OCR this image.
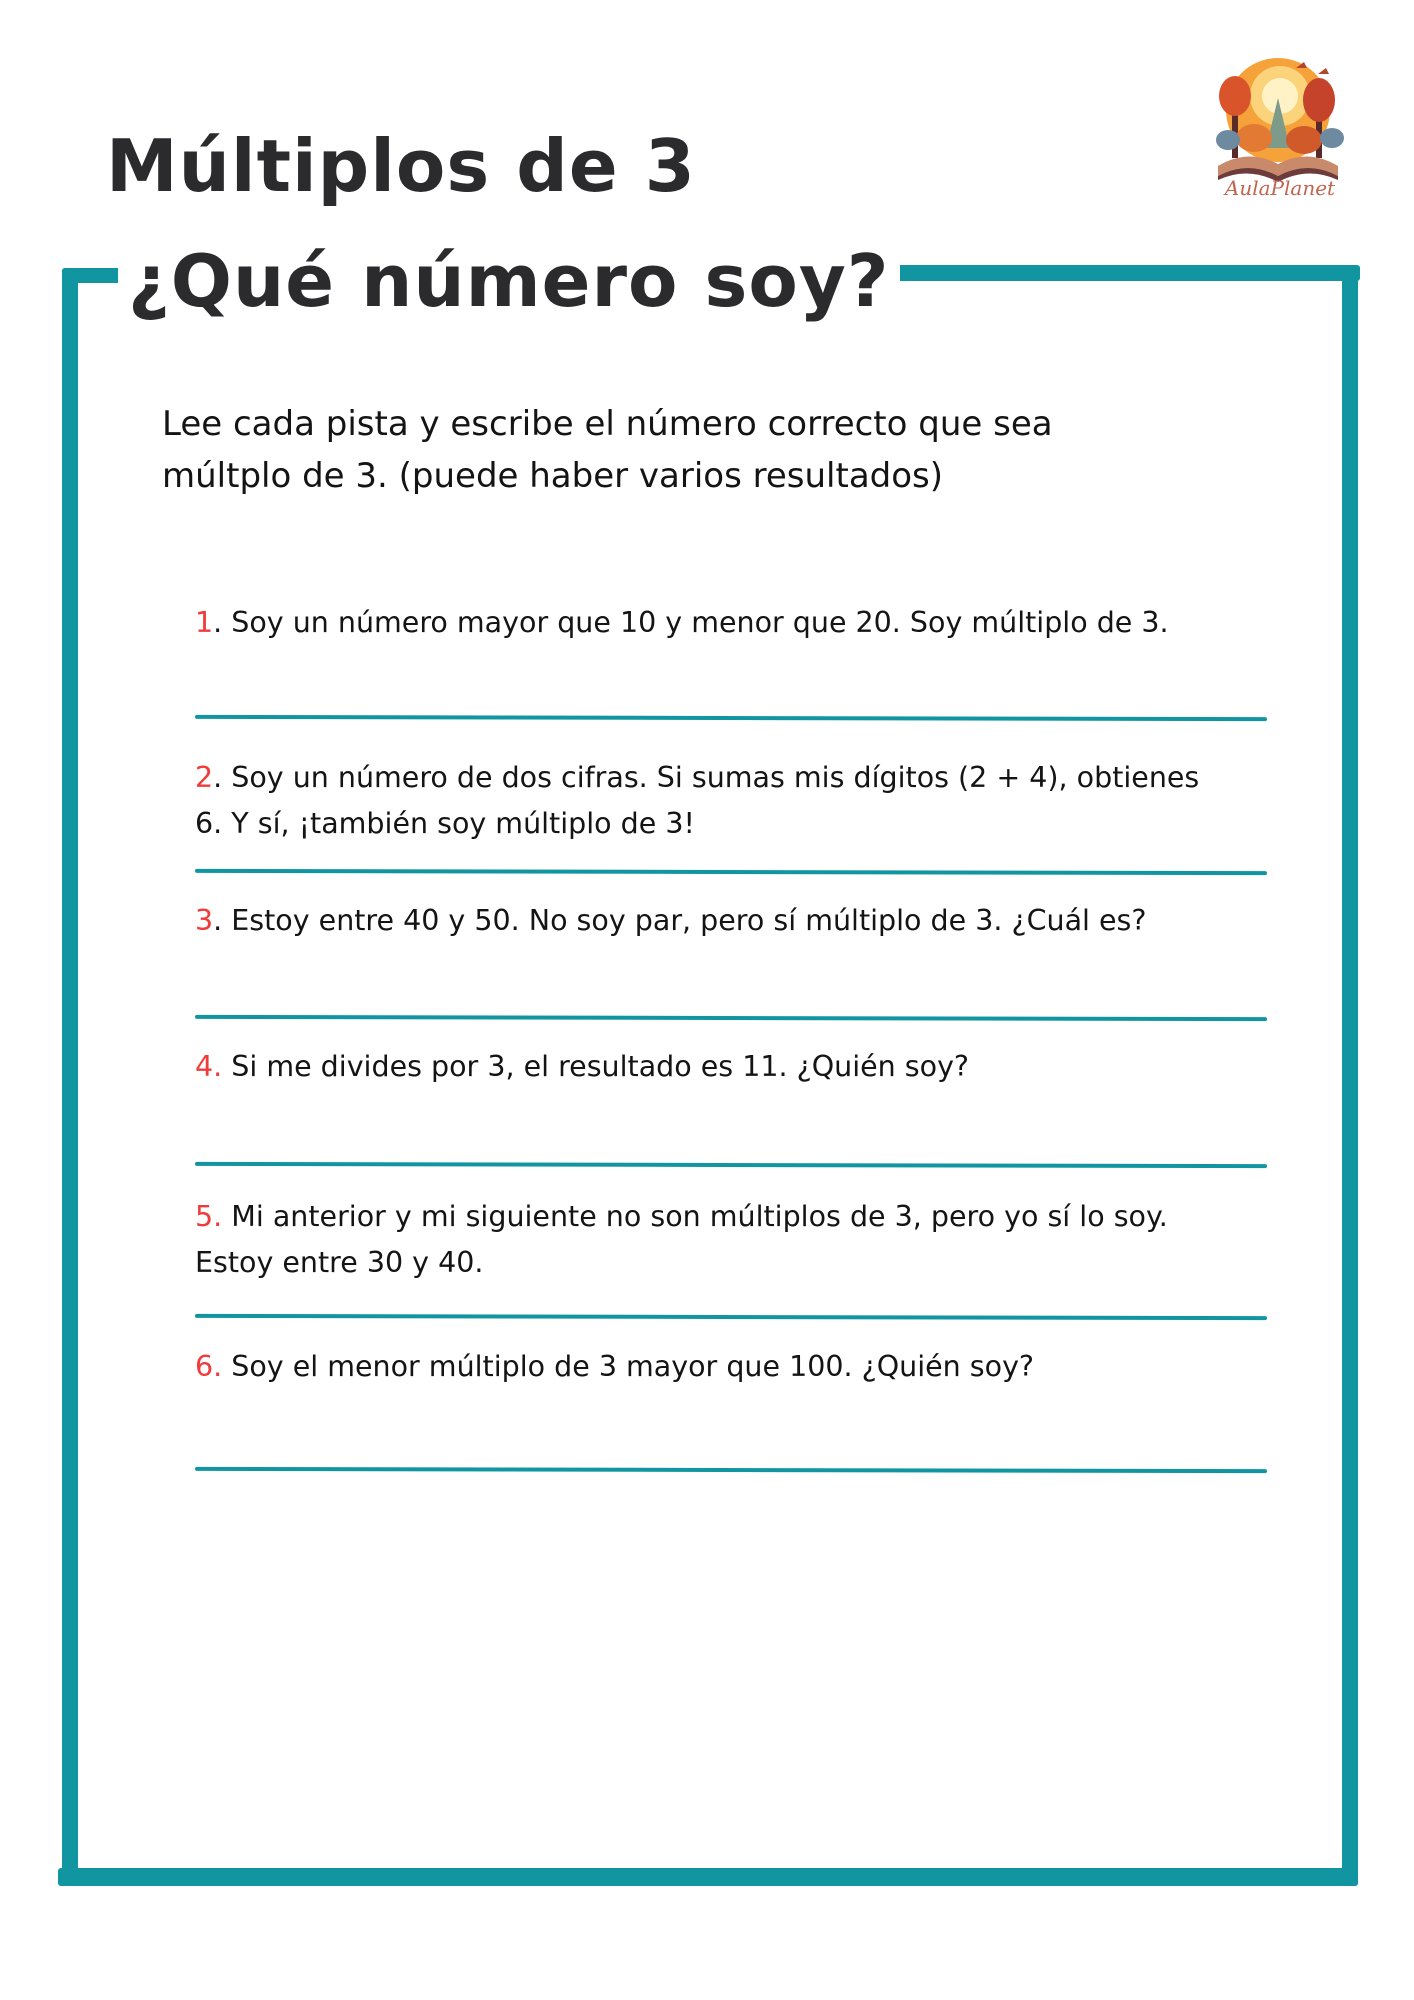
AulaPlanet
Múltiplos de 3
¿Qué número soy?
Lee cada pista y escribe el número correcto que sea
múltplo de 3. (puede haber varios resultados)
1. Soy un número mayor que 10 y menor que 20. Soy múltiplo de 3.
2. Soy un número de dos cifras. Si sumas mis dígitos (2 + 4), obtienes
6. Y sí, ¡también soy múltiplo de 3!
3. Estoy entre 40 y 50. No soy par, pero sí múltiplo de 3. ¿Cuál es?
4. Si me divides por 3, el resultado es 11. ¿Quién soy?
5. Mi anterior y mi siguiente no son múltiplos de 3, pero yo sí lo soy.
Estoy entre 30 y 40.
6. Soy el menor múltiplo de 3 mayor que 100. ¿Quién soy?
